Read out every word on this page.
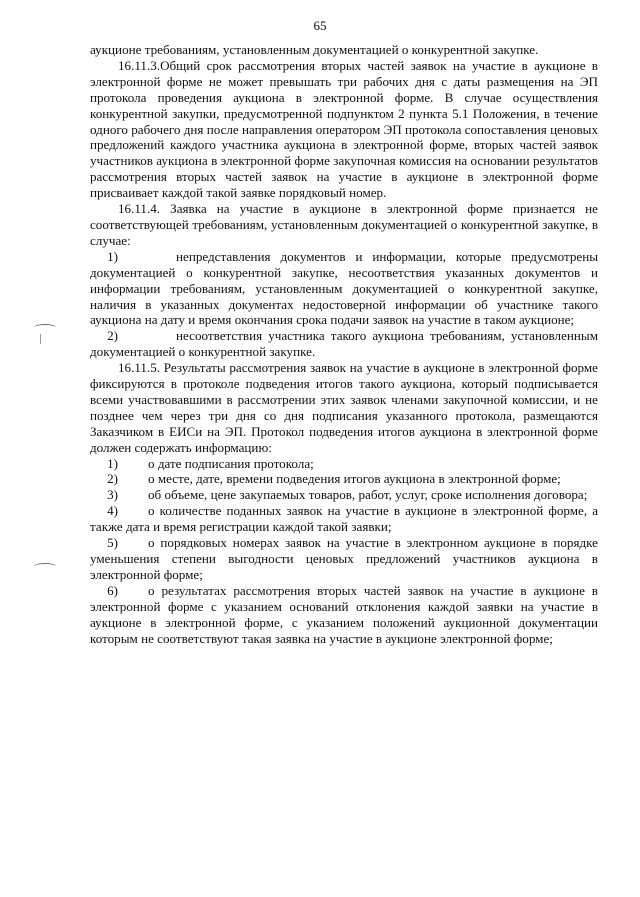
65

аукционе требованиям, установленным документацией о конкурентной закупке.

16.11.3.Общий срок рассмотрения вторых частей заявок на участие в аукционе в электронной форме не может превышать три рабочих дня с даты размещения на ЭП протокола проведения аукциона в электронной форме. В случае осуществления конкурентной закупки, предусмотренной подпунктом 2 пункта 5.1 Положения, в течение одного рабочего дня после направления оператором ЭП протокола сопоставления ценовых предложений каждого участника аукциона в электронной форме, вторых частей заявок участников аукциона в электронной форме закупочная комиссия на основании результатов рассмотрения вторых частей заявок на участие в аукционе в электронной форме присваивает каждой такой заявке порядковый номер.

16.11.4. Заявка на участие в аукционе в электронной форме признается не соответствующей требованиям, установленным документацией о конкурентной закупке, в случае:

1)	непредставления документов и информации, которые предусмотрены документацией о конкурентной закупке, несоответствия указанных документов и информации требованиям, установленным документацией о конкурентной закупке, наличия в указанных документах недостоверной информации об участнике такого аукциона на дату и время окончания срока подачи заявок на участие в таком аукционе;

2)	несоответствия участника такого аукциона требованиям, установленным документацией о конкурентной закупке.

16.11.5. Результаты рассмотрения заявок на участие в аукционе в электронной форме фиксируются в протоколе подведения итогов такого аукциона, который подписывается всеми участвовавшими в рассмотрении этих заявок членами закупочной комиссии, и не позднее чем через три дня со дня подписания указанного протокола, размещаются Заказчиком в ЕИСи на ЭП. Протокол подведения итогов аукциона в электронной форме должен содержать информацию:

1) о дате подписания протокола;

2) о месте, дате, времени подведения итогов аукциона в электронной форме;

3) об объеме, цене закупаемых товаров, работ, услуг, сроке исполнения договора;

4) о количестве поданных заявок на участие в аукционе в электронной форме, а также дата и время регистрации каждой такой заявки;

5) о порядковых номерах заявок на участие в электронном аукционе в порядке уменьшения степени выгодности ценовых предложений участников аукциона в электронной форме;

6) о результатах рассмотрения вторых частей заявок на участие в аукционе в электронной форме с указанием оснований отклонения каждой заявки на участие в аукционе в электронной форме, с указанием положений аукционной документации которым не соответствуют такая заявка на участие в аукционе электронной форме;
